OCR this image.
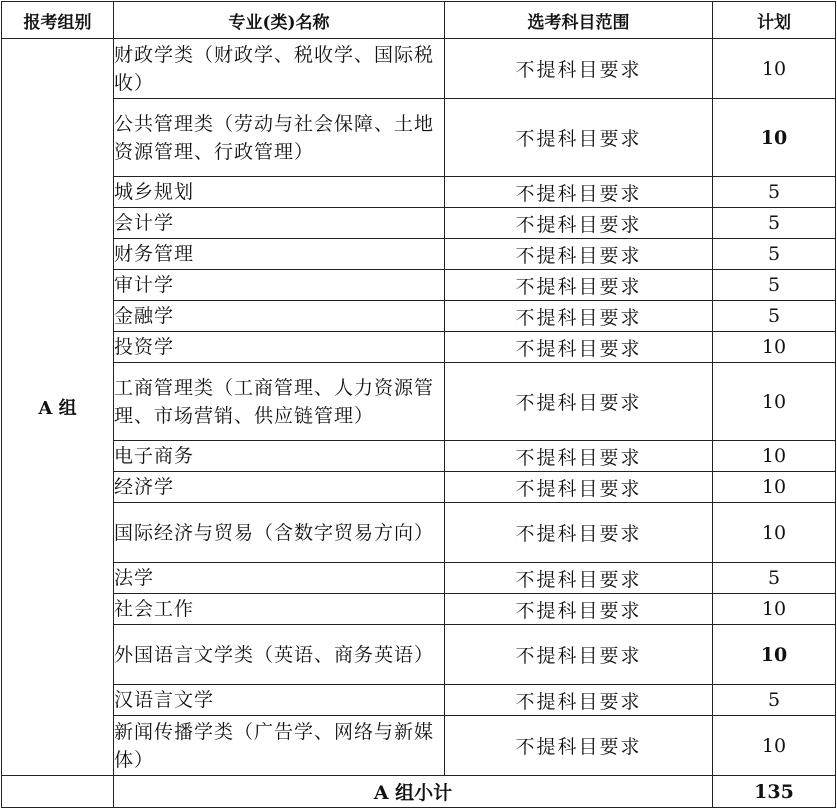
报考组别	专业(类)名称	选考科目范围	计划
A 组	财政学类（财政学、税收学、国际税收）	不提科目要求	10
	公共管理类（劳动与社会保障、土地资源管理、行政管理）	不提科目要求	10
	城乡规划	不提科目要求	5
	会计学	不提科目要求	5
	财务管理	不提科目要求	5
	审计学	不提科目要求	5
	金融学	不提科目要求	5
	投资学	不提科目要求	10
	工商管理类（工商管理、人力资源管理、市场营销、供应链管理）	不提科目要求	10
	电子商务	不提科目要求	10
	经济学	不提科目要求	10
	国际经济与贸易（含数字贸易方向）	不提科目要求	10
	法学	不提科目要求	5
	社会工作	不提科目要求	10
	外国语言文学类（英语、商务英语）	不提科目要求	10
	汉语言文学	不提科目要求	5
	新闻传播学类（广告学、网络与新媒体）	不提科目要求	10
	A 组小计		135
